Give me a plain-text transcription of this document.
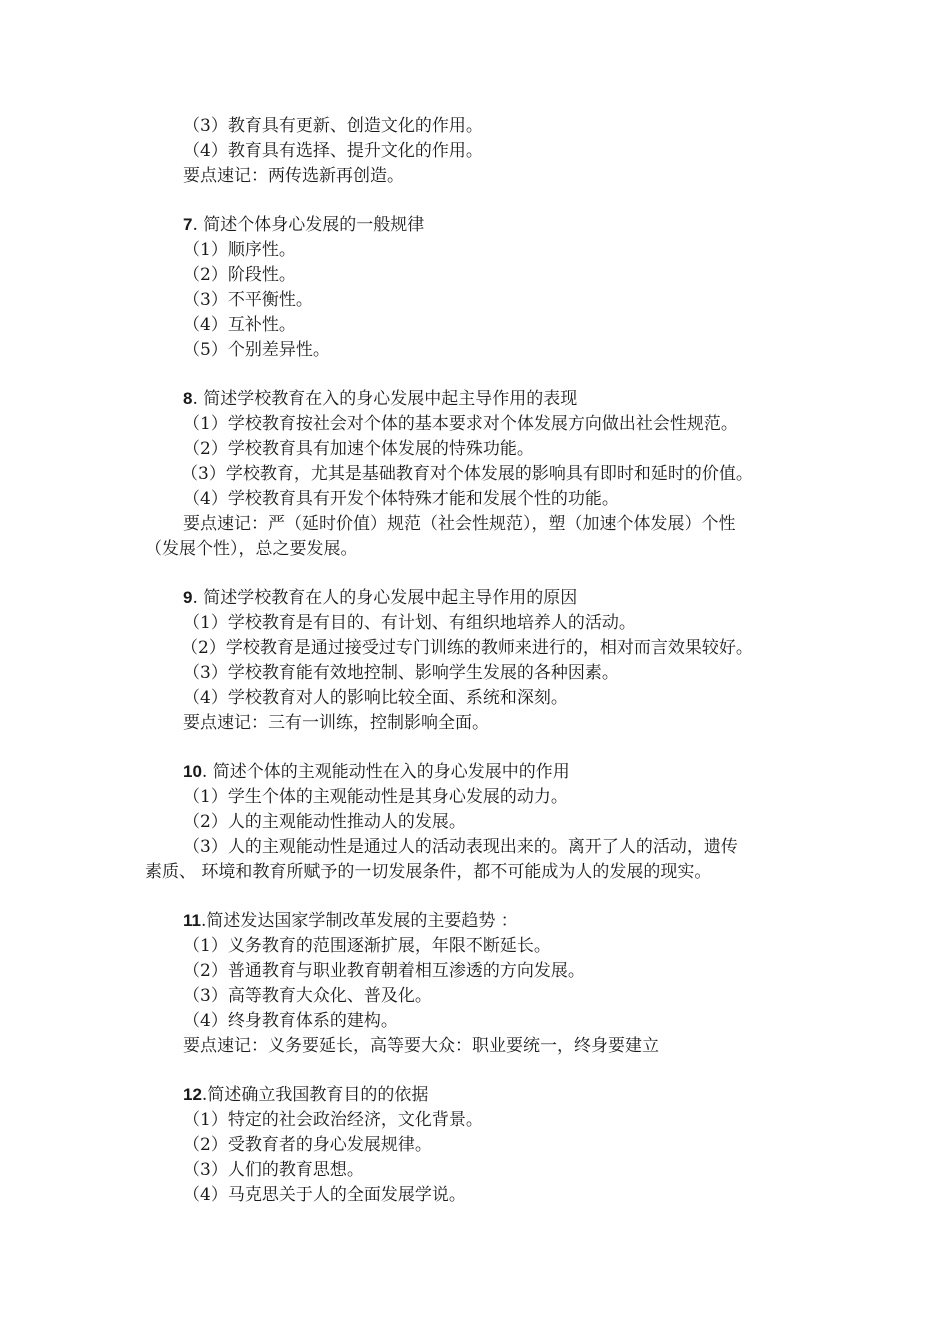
（3）教育具有更新、创造文化的作用。
（4）教育具有选择、提升文化的作用。
要点速记：两传选新再创造。
7. 简述个体身心发展的一般规律
（1）顺序性。
（2）阶段性。
（3）不平衡性。
（4）互补性。
（5）个别差异性。
8. 简述学校教育在入的身心发展中起主导作用的表现
（1）学校教育按社会对个体的基本要求对个体发展方向做出社会性规范。
（2）学校教育具有加速个体发展的恃殊功能。
（3）学校教育，尤其是基础教育对个体发展的影响具有即时和延时的价值。
（4）学校教育具有开发个体特殊才能和发展个性的功能。
要点速记：严（延时价值）规范（社会性规范），塑（加速个体发展）个性
（发展个性），总之要发展。
9. 简述学校教育在人的身心发展中起主导作用的原因
（1）学校教育是有目的、有计划、有组织地培养人的活动。
（2）学校教育是通过接受过专门训练的教师来进行的，相对而言效果较好。
（3）学校教育能有效地控制、影响学生发展的各种因素。
（4）学校教育对人的影响比较全面、系统和深刻。
要点速记：三有一训练，控制影响全面。
10. 简述个体的主观能动性在入的身心发展中的作用
（1）学生个体的主观能动性是其身心发展的动力。
（2）人的主观能动性推动人的发展。
（3）人的主观能动性是通过人的活动表现出来的。离开了人的活动，遗传
素质、 环境和教育所赋予的一切发展条件，都不可能成为人的发展的现实。
11.简述发达国家学制改革发展的主要趋势 ：
（1）义务教育的范围逐渐扩展，年限不断延长。
（2）普通教育与职业教育朝着相互渗透的方向发展。
（3）高等教育大众化、普及化。
（4）终身教育体系的建构。
要点速记：义务要延长，高等要大众：职业要统一，终身要建立
12.简述确立我国教育目的的依据
（1）特定的社会政治经济，文化背景。
（2）受教育者的身心发展规律。
（3）人们的教育思想。
（4）马克思关于人的全面发展学说。
